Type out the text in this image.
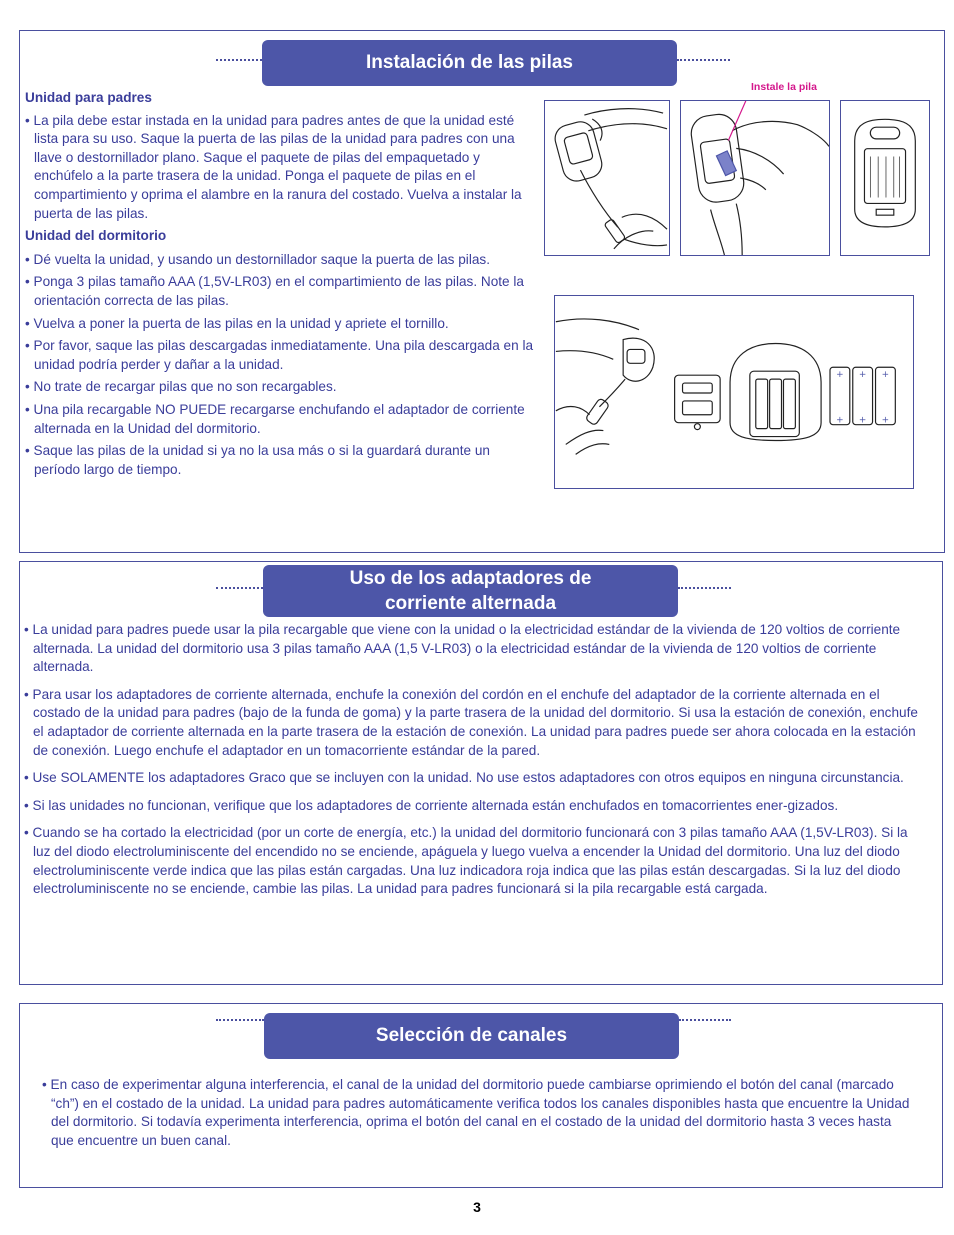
Instalación de las pilas
Unidad para padres

• La pila debe estar instada en la unidad para padres antes de que la unidad esté lista para su uso. Saque la puerta de las pilas de la unidad para padres con una llave o destornillador plano. Saque el paquete de pilas del empaquetado y enchúfelo a la parte trasera de la unidad. Ponga el paquete de pilas en el compartimiento y oprima el alambre en la ranura del costado. Vuelva a instalar la puerta de las pilas.

Unidad del dormitorio

• Dé vuelta la unidad, y usando un destornillador saque la puerta de las pilas.

• Ponga 3 pilas tamaño AAA (1,5V-LR03) en el compartimiento de las pilas. Note la orientación correcta de las pilas.

• Vuelva a poner la puerta de las pilas en la unidad y apriete el tornillo.

• Por favor, saque las pilas descargadas inmediatamente. Una pila descargada en la unidad podría perder y dañar a la unidad.

• No trate de recargar pilas que no son recargables.

• Una pila recargable NO PUEDE recargarse enchufando el adaptador de corriente alternada en la Unidad del dormitorio.

• Saque las pilas de la unidad si ya no la usa más o si la guardará durante un período largo de tiempo.

Instale la pila
+ + +
+ + +
Uso de los adaptadores de
corriente alternada

• La unidad para padres puede usar la pila recargable que viene con la unidad o la electricidad estándar de la vivienda de 120 voltios de corriente alternada. La unidad del dormitorio usa 3 pilas tamaño AAA (1,5 V-LR03) o la electricidad estándar de la vivienda de 120 voltios de corriente alternada.

• Para usar los adaptadores de corriente alternada, enchufe la conexión del cordón en el enchufe del adaptador de la corriente alternada en el costado de la unidad para padres (bajo de la funda de goma) y la parte trasera de la unidad del dormitorio. Si usa la estación de conexión, enchufe el adaptador de corriente alternada en la parte trasera de la estación de conexión. La unidad para padres puede ser ahora colocada en la estación de conexión. Luego enchufe el adaptador en un tomacorriente estándar de la pared.

• Use SOLAMENTE los adaptadores Graco que se incluyen con la unidad. No use estos adaptadores con otros equipos en ninguna circunstancia.

• Si las unidades no funcionan, verifique que los adaptadores de corriente alternada están enchufados en tomacorrientes ener-gizados.

• Cuando se ha cortado la electricidad (por un corte de energía, etc.) la unidad del dormitorio funcionará con 3 pilas tamaño AAA (1,5V-LR03). Si la luz del diodo electroluminiscente del encendido no se enciende, apáguela y luego vuelva a encender la Unidad del dormitorio. Una luz del diodo electroluminiscente verde indica que las pilas están cargadas. Una luz indicadora roja indica que las pilas están descargadas. Si la luz del diodo electroluminiscente no se enciende, cambie las pilas. La unidad para padres funcionará si la pila recargable está cargada.

Selección de canales

• En caso de experimentar alguna interferencia, el canal de la unidad del dormitorio puede cambiarse oprimiendo el botón del canal (marcado “ch”) en el costado de la unidad. La unidad para padres automáticamente verifica todos los canales disponibles hasta que encuentre la Unidad del dormitorio. Si todavía experimenta interferencia, oprima el botón del canal en el costado de la unidad del dormitorio hasta 3 veces hasta que encuentre un buen canal.

3
